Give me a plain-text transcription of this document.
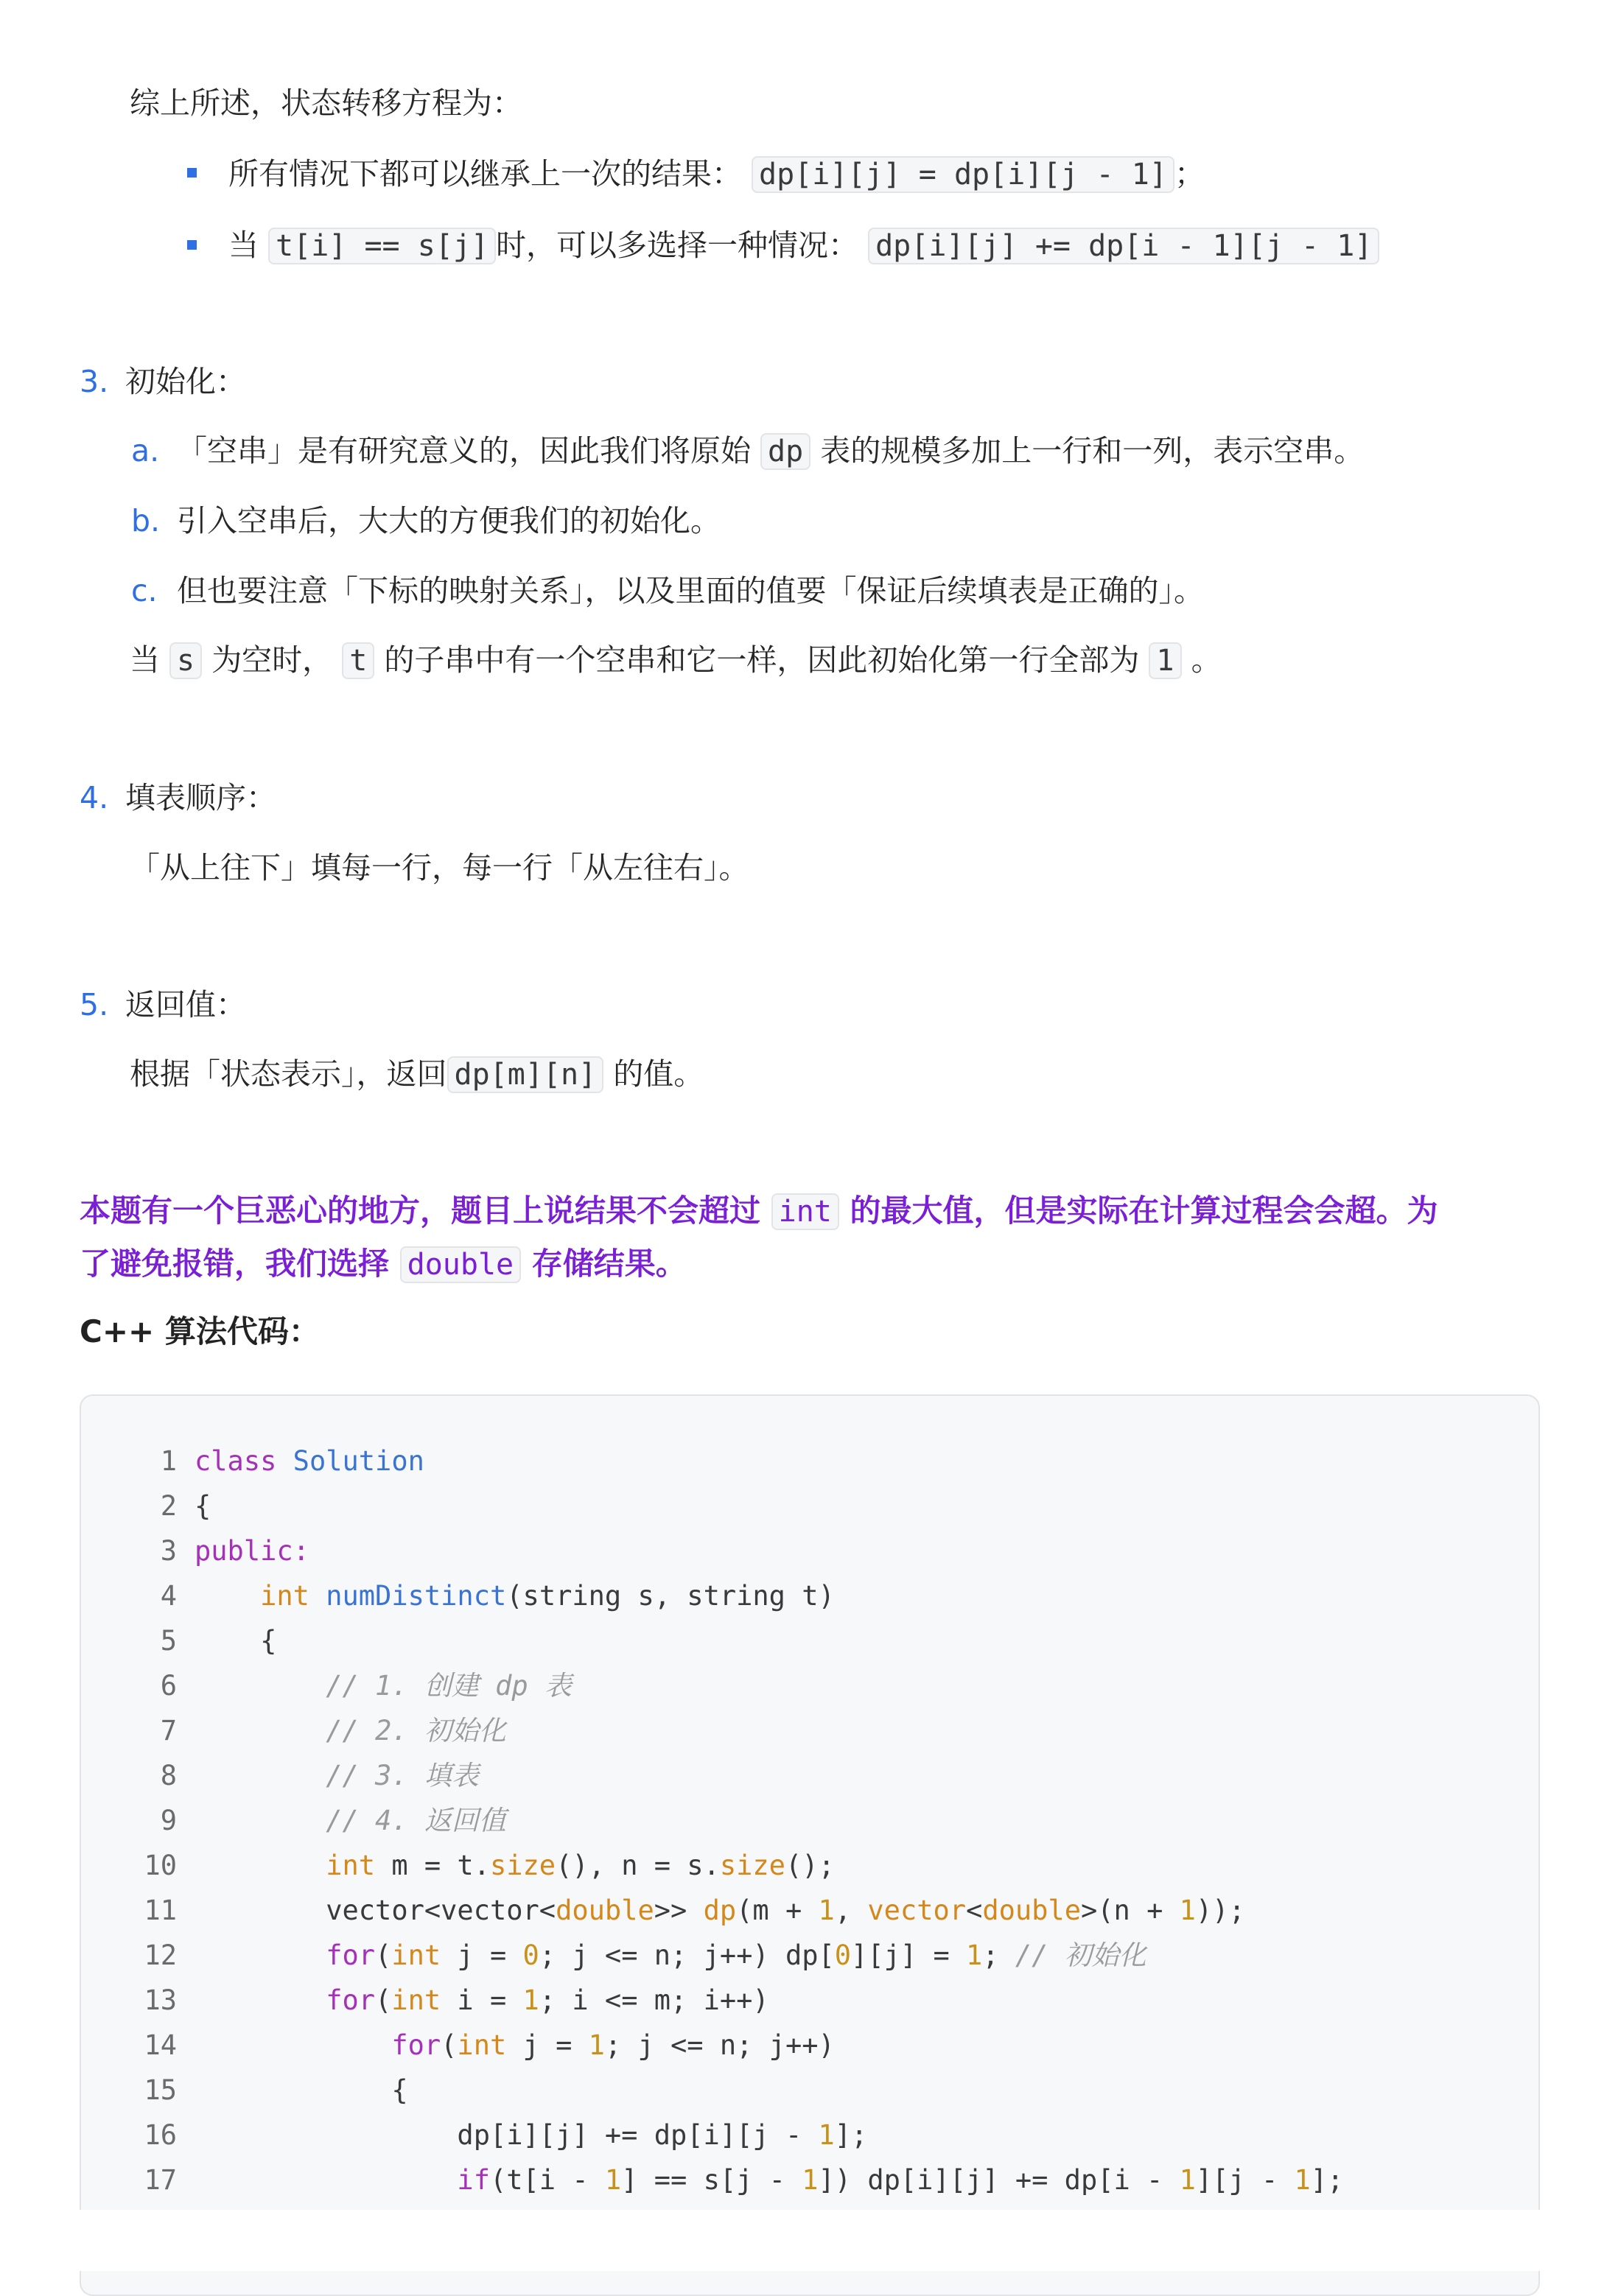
综上所述，状态转移方程为：
所有情况下都可以继承上一次的结果： dp[i][j] = dp[i][j - 1] ；
当 t[i] == s[j] 时，可以多选择一种情况： dp[i][j] += dp[i - 1][j - 1]
3. 初始化：
a. 「空串」是有研究意义的，因此我们将原始 dp 表的规模多加上一行和一列，表示空串。
b. 引入空串后，大大的方便我们的初始化。
c. 但也要注意「下标的映射关系」，以及里面的值要「保证后续填表是正确的」。
当 s 为空时， t 的子串中有一个空串和它一样，因此初始化第一行全部为 1 。
4. 填表顺序：
「从上往下」填每一行，每一行「从左往右」。
5. 返回值：
根据「状态表示」，返回 dp[m][n] 的值。
本题有一个巨恶心的地方，题目上说结果不会超过 int 的最大值，但是实际在计算过程会会超。为
了避免报错，我们选择 double 存储结果。
C++ 算法代码：
1 class Solution
2 {
3 public:
4	int numDistinct(string s, string t)
5	{
6	// 1. 创建 dp 表
7	// 2. 初始化
8	// 3. 填表
9	// 4. 返回值
10	int m = t.size(), n = s.size();
11	vector<vector<double>> dp(m + 1, vector<double>(n + 1));
12	for(int j = 0; j <= n; j++) dp[0][j] = 1; // 初始化
13	for(int i = 1; i <= m; i++)
14	for(int j = 1; j <= n; j++)
15	{
16	dp[i][j] += dp[i][j - 1];
17	if(t[i - 1] == s[j - 1]) dp[i][j] += dp[i - 1][j - 1];
